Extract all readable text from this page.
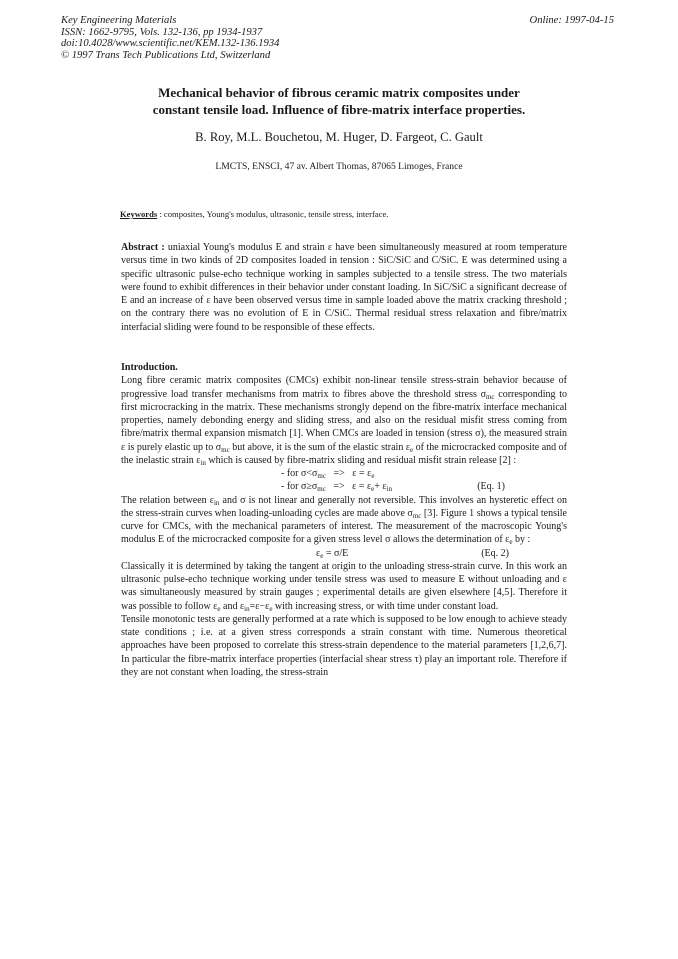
Key Engineering Materials
ISSN: 1662-9795, Vols. 132-136, pp 1934-1937
doi:10.4028/www.scientific.net/KEM.132-136.1934
© 1997 Trans Tech Publications Ltd, Switzerland
Online: 1997-04-15
Mechanical behavior of fibrous ceramic matrix composites under
constant tensile load. Influence of fibre-matrix interface properties.
B. Roy, M.L. Bouchetou, M. Huger, D. Fargeot, C. Gault
LMCTS, ENSCI, 47 av. Albert Thomas, 87065 Limoges, France
Keywords : composites, Young's modulus, ultrasonic, tensile stress, interface.

Abstract : uniaxial Young's modulus E and strain ε have been simultaneously measured at room temperature versus time in two kinds of 2D composites loaded in tension : SiC/SiC and C/SiC. E was determined using a specific ultrasonic pulse-echo technique working in samples subjected to a tensile stress. The two materials were found to exhibit differences in their behavior under constant loading. In SiC/SiC a significant decrease of E and an increase of ε have been observed versus time in sample loaded above the matrix cracking threshold ; on the contrary there was no evolution of E in C/SiC. Thermal residual stress relaxation and fibre/matrix interfacial sliding were found to be responsible of these effects.

Introduction.

Long fibre ceramic matrix composites (CMCs) exhibit non-linear tensile stress-strain behavior because of progressive load transfer mechanisms from matrix to fibres above the threshold stress $\sigma_{mc}$ corresponding to first microcracking in the matrix. These mechanisms strongly depend on the fibre-matrix interface mechanical properties, namely debonding energy and sliding stress, and also on the residual misfit stress coming from fibre/matrix thermal expansion mismatch [1]. When CMCs are loaded in tension (stress σ), the measured strain ε is purely elastic up to $\sigma_{mc}$ but above, it is the sum of the elastic strain $\varepsilon_e$ of the microcracked composite and of the inelastic strain $\varepsilon_{in}$ which is caused by fibre-matrix sliding and residual misfit strain release [2] :

- for $\sigma<\sigma_{mc} => \varepsilon = \varepsilon_e$
- for $\sigma\ge\sigma_{mc} => \varepsilon = \varepsilon_e+ \varepsilon_{in}$	(Eq. 1)

The relation between $\varepsilon_{in}$ and σ is not linear and generally not reversible. This involves an hysteretic effect on the stress-strain curves when loading-unloading cycles are made above $\sigma_{mc}$ [3]. Figure 1 shows a typical tensile curve for CMCs, with the mechanical parameters of interest. The measurement of the macroscopic Young's modulus E of the microcracked composite for a given stress level σ allows the determination of $\varepsilon_e$ by :

$\varepsilon_e = \sigma/E$	(Eq. 2)

Classically it is determined by taking the tangent at origin to the unloading stress-strain curve. In this work an ultrasonic pulse-echo technique working under tensile stress was used to measure E without unloading and ε was simultaneously measured by strain gauges ; experimental details are given elsewhere [4,5]. Therefore it was possible to follow $\varepsilon_e$ and $\varepsilon_{in}=\varepsilon-\varepsilon_e$ with increasing stress, or with time under constant load.

Tensile monotonic tests are generally performed at a rate which is supposed to be low enough to achieve steady state conditions ; i.e. at a given stress corresponds a strain constant with time. Numerous theoretical approaches have been proposed to correlate this stress-strain dependence to the material parameters [1,2,6,7]. In particular the fibre-matrix interface properties (interfacial shear stress τ) play an important role. Therefore if they are not constant when loading, the stress-strain
